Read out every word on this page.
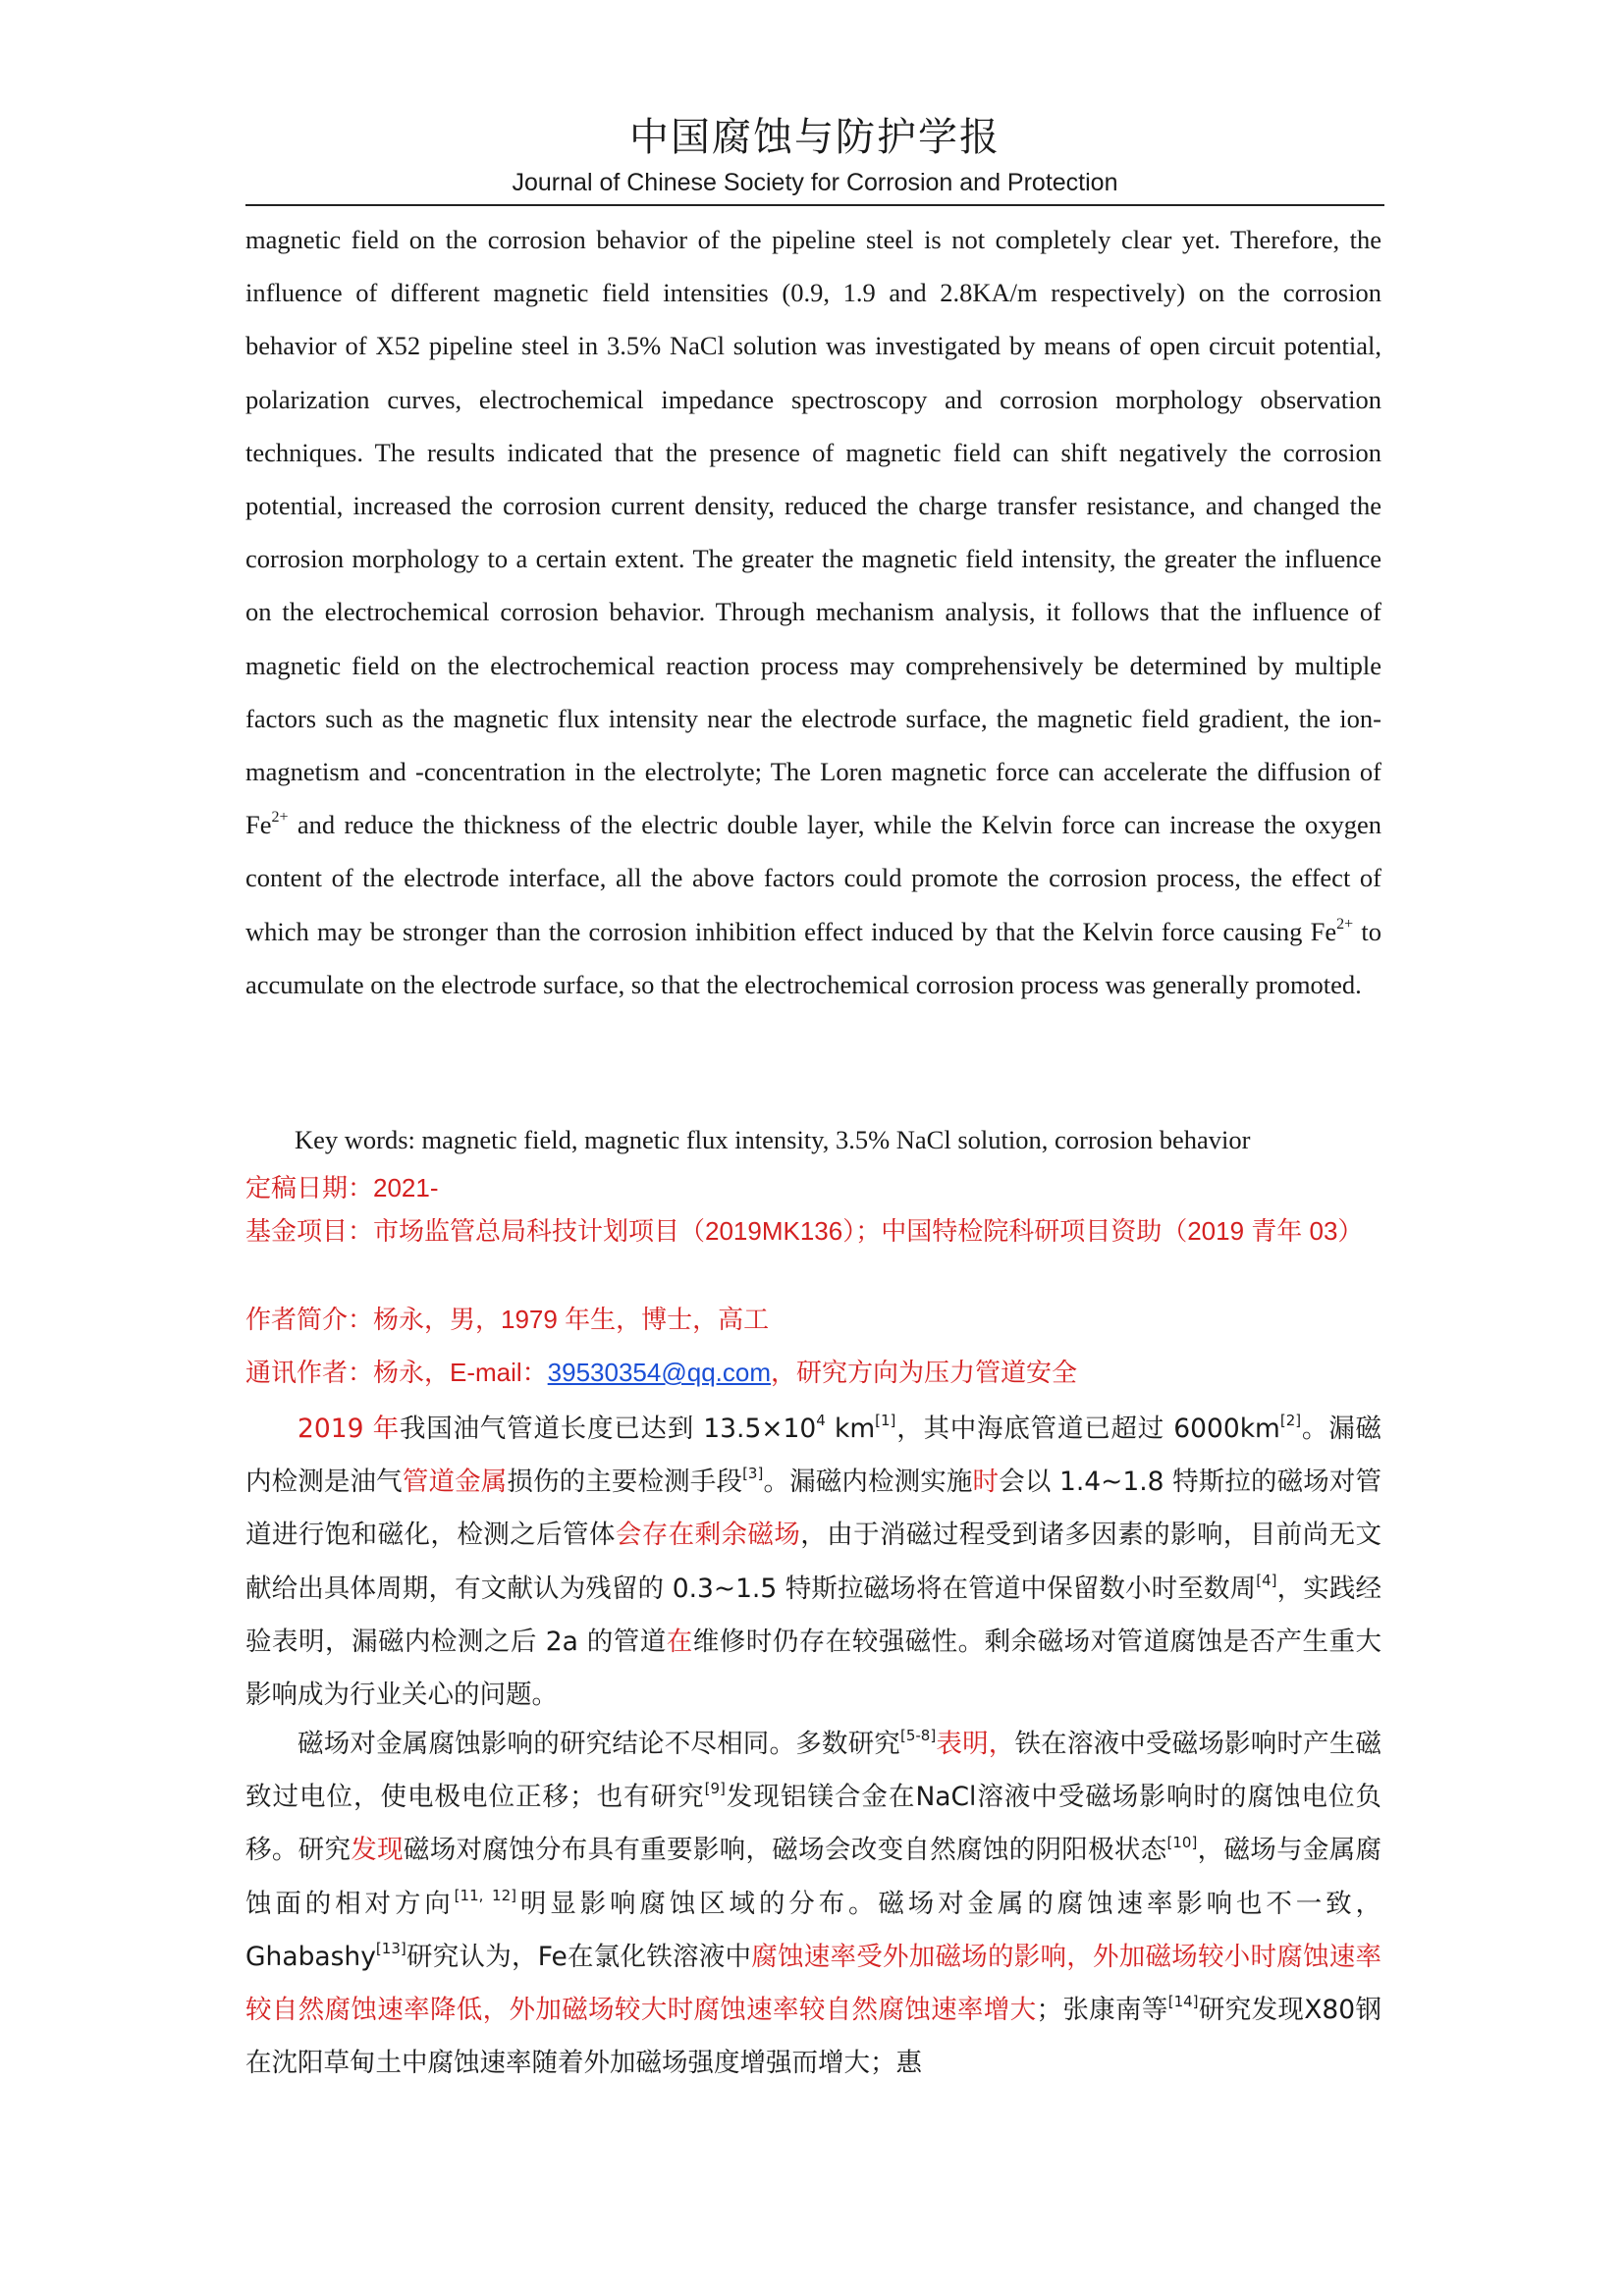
中国腐蚀与防护学报
Journal of Chinese Society for Corrosion and Protection

magnetic field on the corrosion behavior of the pipeline steel is not completely clear yet. Therefore, the influence of different magnetic field intensities (0.9, 1.9 and 2.8KA/m respectively) on the corrosion behavior of X52 pipeline steel in 3.5% NaCl solution was investigated by means of open circuit potential, polarization curves, electrochemical impedance spectroscopy and corrosion morphology observation techniques. The results indicated that the presence of magnetic field can shift negatively the corrosion potential, increased the corrosion current density, reduced the charge transfer resistance, and changed the corrosion morphology to a certain extent. The greater the magnetic field intensity, the greater the influence on the electrochemical corrosion behavior. Through mechanism analysis, it follows that the influence of magnetic field on the electrochemical reaction process may comprehensively be determined by multiple factors such as the magnetic flux intensity near the electrode surface, the magnetic field gradient, the ion-magnetism and -concentration in the electrolyte; The Loren magnetic force can accelerate the diffusion of $Fe^{2+}$ and reduce the thickness of the electric double layer, while the Kelvin force can increase the oxygen content of the electrode interface, all the above factors could promote the corrosion process, the effect of which may be stronger than the corrosion inhibition effect induced by that the Kelvin force causing $Fe^{2+}$ to accumulate on the electrode surface, so that the electrochemical corrosion process was generally promoted.

Key words: magnetic field, magnetic flux intensity, 3.5% NaCl solution, corrosion behavior
定稿日期：2021-
基金项目：市场监管总局科技计划项目（2019MK136）；中国特检院科研项目资助（2019 青年 03）
作者简介：杨永，男，1979 年生，博士，高工
通讯作者：杨永，E-mail：39530354@qq.com，研究方向为压力管道安全

2019 年我国油气管道长度已达到 $13.5\times 10^4$ km[1]，其中海底管道已超过 6000km[2]。漏磁内检测是油气管道金属损伤的主要检测手段[3]。漏磁内检测实施时会以 1.4~1.8 特斯拉的磁场对管道进行饱和磁化，检测之后管体会存在剩余磁场，由于消磁过程受到诸多因素的影响，目前尚无文献给出具体周期，有文献认为残留的 0.3~1.5 特斯拉磁场将在管道中保留数小时至数周[4]，实践经验表明，漏磁内检测之后 2a 的管道在维修时仍存在较强磁性。剩余磁场对管道腐蚀是否产生重大影响成为行业关心的问题。

磁场对金属腐蚀影响的研究结论不尽相同。多数研究[5-8]表明，铁在溶液中受磁场影响时产生磁致过电位，使电极电位正移；也有研究[9]发现铝镁合金在NaCl溶液中受磁场影响时的腐蚀电位负移。研究发现磁场对腐蚀分布具有重要影响，磁场会改变自然腐蚀的阴阳极状态[10]，磁场与金属腐蚀面的相对方向[11, 12]明显影响腐蚀区域的分布。磁场对金属的腐蚀速率影响也不一致，Ghabashy[13]研究认为，Fe在氯化铁溶液中腐蚀速率受外加磁场的影响，外加磁场较小时腐蚀速率较自然腐蚀速率降低，外加磁场较大时腐蚀速率较自然腐蚀速率增大；张康南等[14]研究发现X80钢在沈阳草甸土中腐蚀速率随着外加磁场强度增强而增大；惠
